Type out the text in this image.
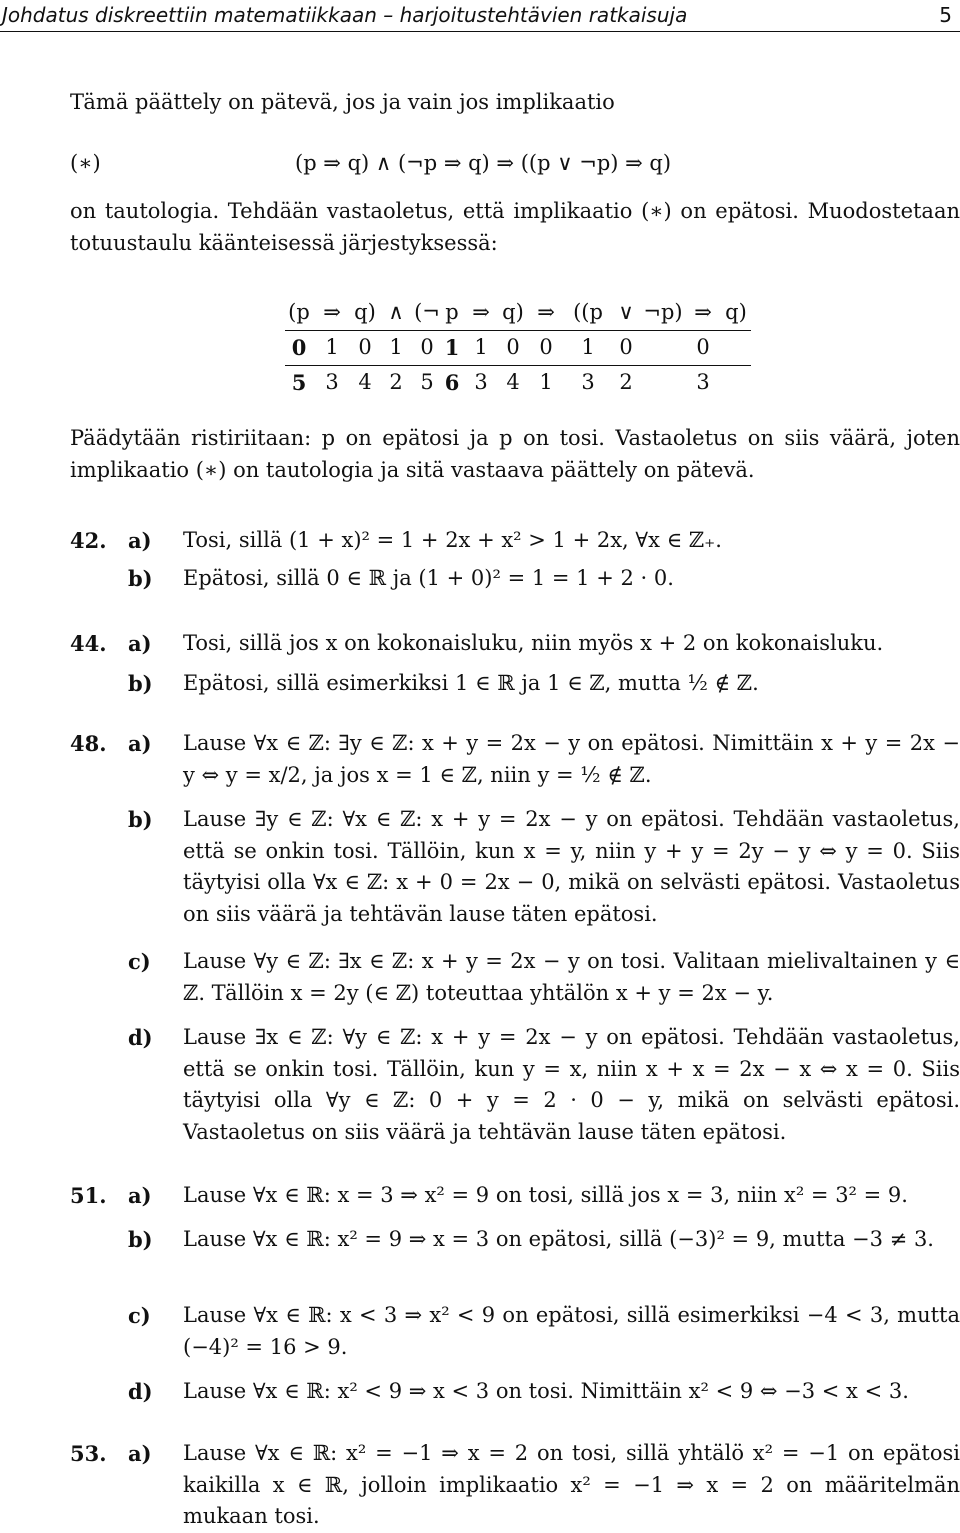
Johdatus diskreettiin matematiikkaan – harjoitustehtävien ratkaisuja	5
Tämä päättely on pätevä, jos ja vain jos implikaatio
(∗)	(p ⇒ q) ∧ (¬p ⇒ q) ⇒ ((p ∨ ¬p) ⇒ q)
on tautologia. Tehdään vastaoletus, että implikaatio (∗) on epätosi. Muodostetaan totuustaulu käänteisessä järjestyksessä:
(p	⇒	q)	∧	(¬	p	⇒	q)	⇒	((p	∨	¬p)	⇒	q)
0	1	0	1	0	1	1	0	0	1	0		0	
5	3	4	2	5	6	3	4	1	3	2		3	
Päädytään ristiriitaan: p on epätosi ja p on tosi. Vastaoletus on siis väärä, joten implikaatio (∗) on tautologia ja sitä vastaava päättely on pätevä.
42. a) Tosi, sillä (1 + x)² = 1 + 2x + x² > 1 + 2x, ∀x ∈ ℤ₊.
b) Epätosi, sillä 0 ∈ ℝ ja (1 + 0)² = 1 = 1 + 2 · 0.
44. a) Tosi, sillä jos x on kokonaisluku, niin myös x + 2 on kokonaisluku.
b) Epätosi, sillä esimerkiksi 1 ∈ ℝ ja 1 ∈ ℤ, mutta ½ ∉ ℤ.
48. a) Lause ∀x ∈ ℤ: ∃y ∈ ℤ: x + y = 2x − y on epätosi. Nimittäin x + y = 2x − y ⇔ y = x/2, ja jos x = 1 ∈ ℤ, niin y = ½ ∉ ℤ.
b) Lause ∃y ∈ ℤ: ∀x ∈ ℤ: x + y = 2x − y on epätosi. Tehdään vastaoletus, että se onkin tosi. Tällöin, kun x = y, niin y + y = 2y − y ⇔ y = 0. Siis täytyisi olla ∀x ∈ ℤ: x + 0 = 2x − 0, mikä on selvästi epätosi. Vastaoletus on siis väärä ja tehtävän lause täten epätosi.
c) Lause ∀y ∈ ℤ: ∃x ∈ ℤ: x + y = 2x − y on tosi. Valitaan mielivaltainen y ∈ ℤ. Tällöin x = 2y (∈ ℤ) toteuttaa yhtälön x + y = 2x − y.
d) Lause ∃x ∈ ℤ: ∀y ∈ ℤ: x + y = 2x − y on epätosi. Tehdään vastaoletus, että se onkin tosi. Tällöin, kun y = x, niin x + x = 2x − x ⇔ x = 0. Siis täytyisi olla ∀y ∈ ℤ: 0 + y = 2 · 0 − y, mikä on selvästi epätosi. Vastaoletus on siis väärä ja tehtävän lause täten epätosi.
51. a) Lause ∀x ∈ ℝ: x = 3 ⇒ x² = 9 on tosi, sillä jos x = 3, niin x² = 3² = 9.
b) Lause ∀x ∈ ℝ: x² = 9 ⇒ x = 3 on epätosi, sillä (−3)² = 9, mutta −3 ≠ 3.
c) Lause ∀x ∈ ℝ: x < 3 ⇒ x² < 9 on epätosi, sillä esimerkiksi −4 < 3, mutta (−4)² = 16 > 9.
d) Lause ∀x ∈ ℝ: x² < 9 ⇒ x < 3 on tosi. Nimittäin x² < 9 ⇔ −3 < x < 3.
53. a) Lause ∀x ∈ ℝ: x² = −1 ⇒ x = 2 on tosi, sillä yhtälö x² = −1 on epätosi kaikilla x ∈ ℝ, jolloin implikaatio x² = −1 ⇒ x = 2 on määritelmän mukaan tosi.
